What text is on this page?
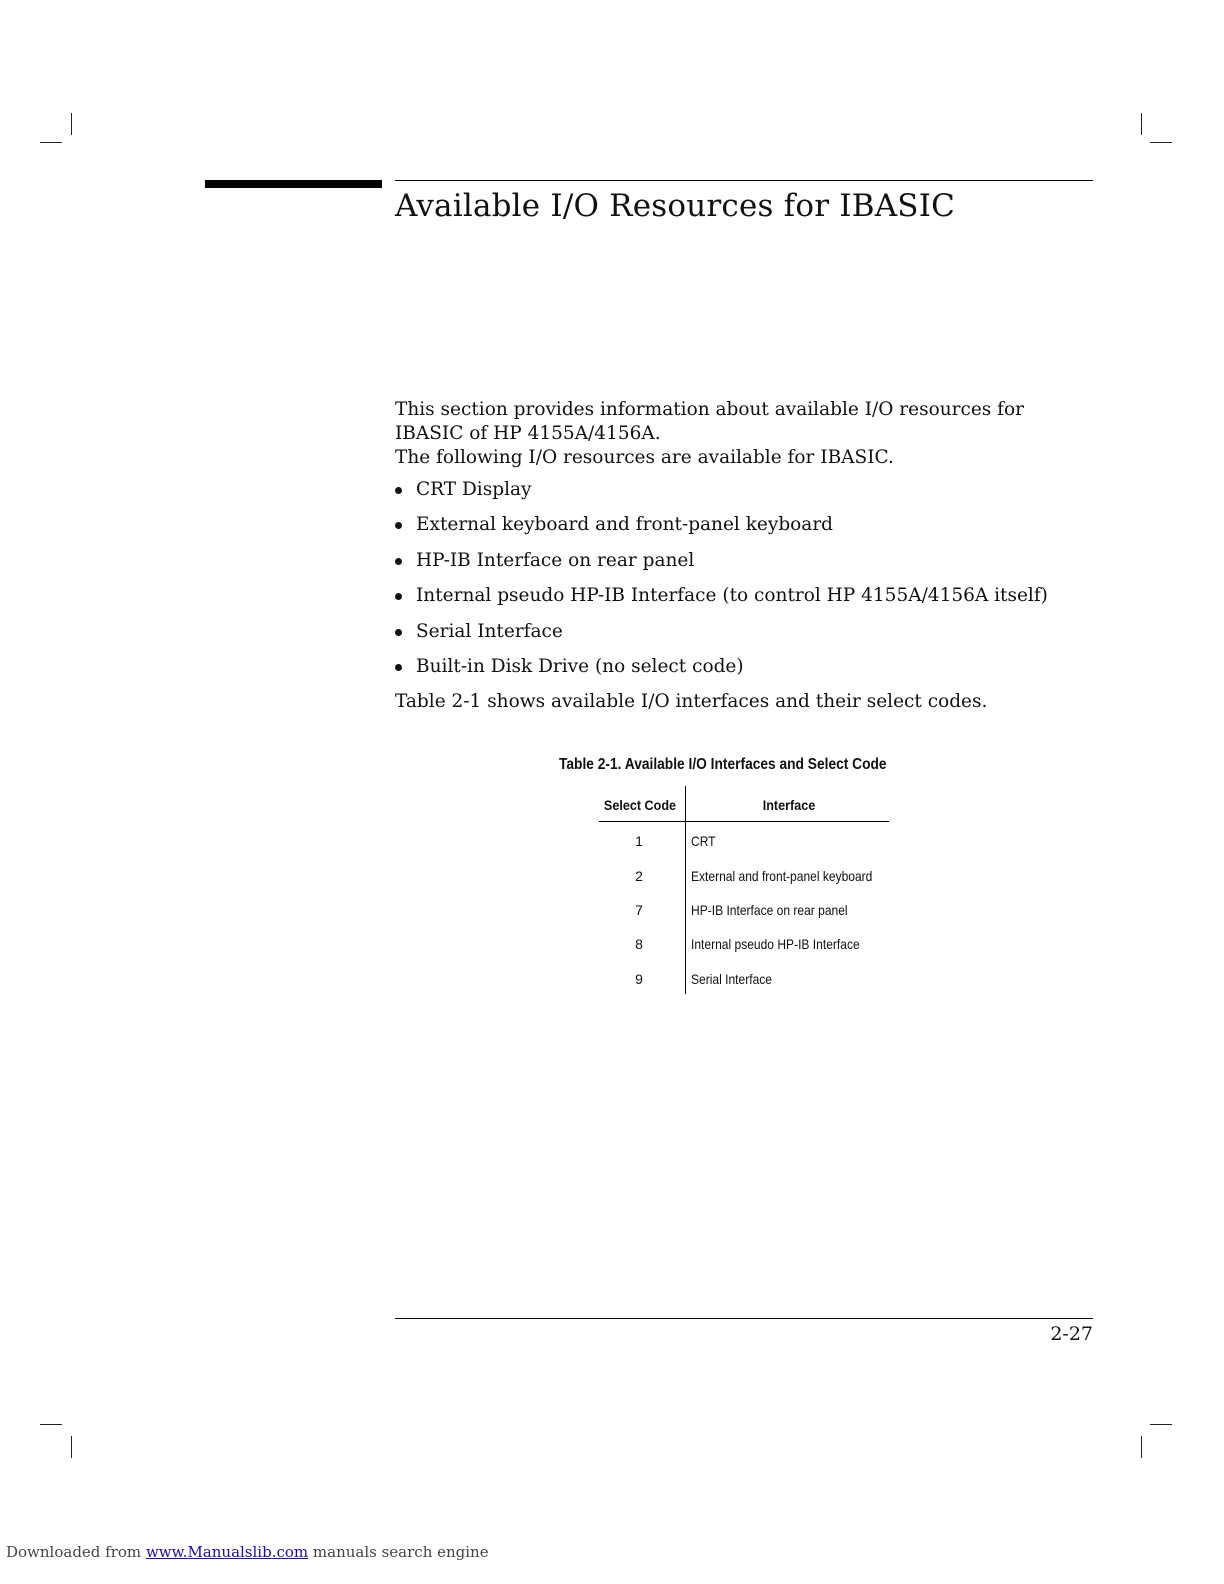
Available I/O Resources for IBASIC

This section provides information about available I/O resources for IBASIC of HP 4155A/4156A.

The following I/O resources are available for IBASIC.

CRT Display
External keyboard and front-panel keyboard
HP-IB Interface on rear panel
Internal pseudo HP-IB Interface (to control HP 4155A/4156A itself)
Serial Interface
Built-in Disk Drive (no select code)

Table 2-1 shows available I/O interfaces and their select codes.

Table 2-1. Available I/O Interfaces and Select Code

Select Code	Interface
1	CRT
2	External and front-panel keyboard
7	HP-IB Interface on rear panel
8	Internal pseudo HP-IB Interface
9	Serial Interface
2-27
Downloaded from www.Manualslib.com manuals search engine
